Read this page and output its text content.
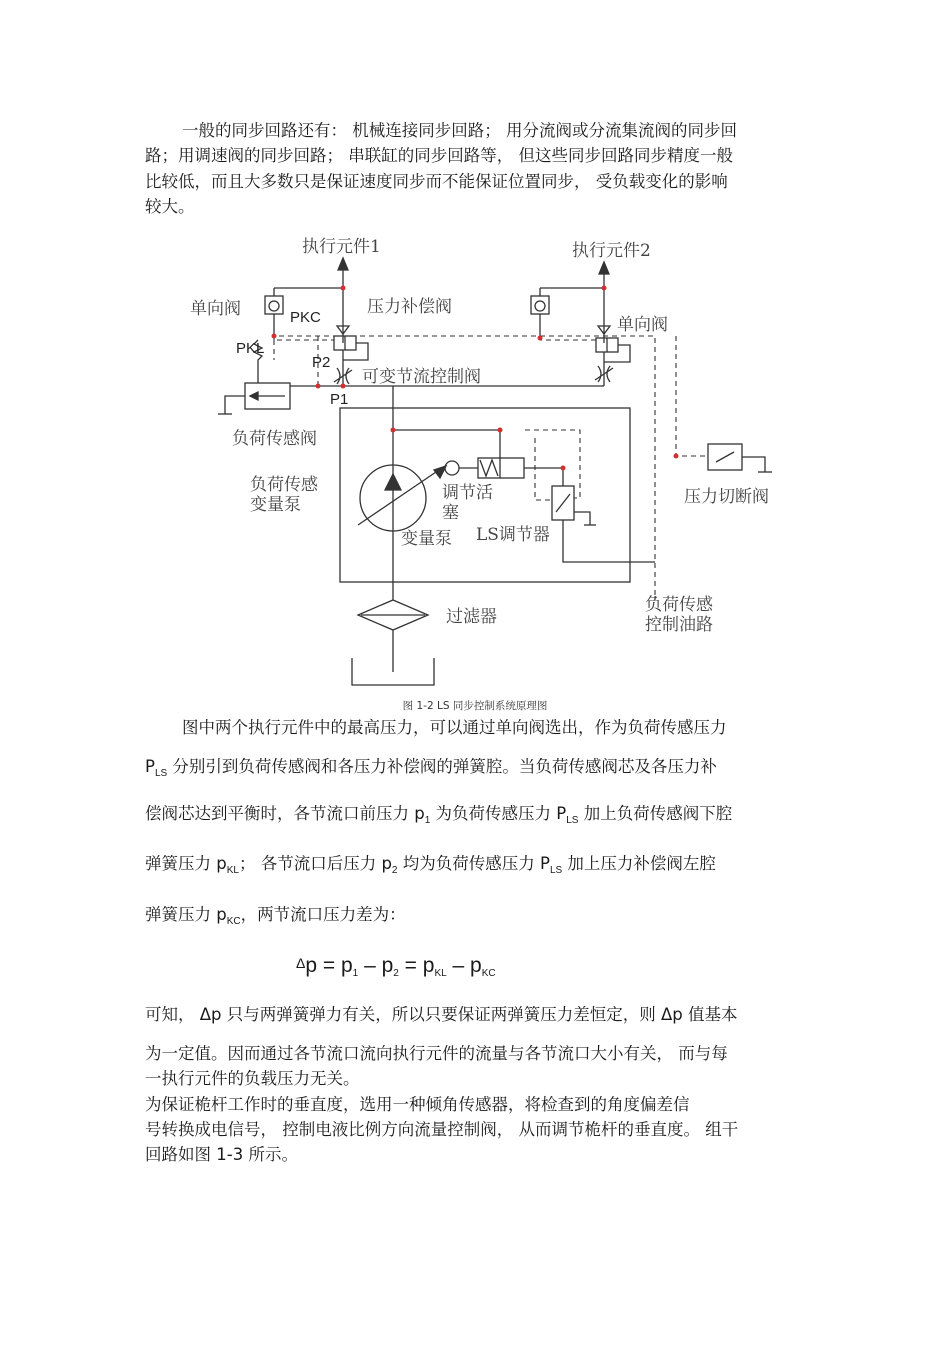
一般的同步回路还有： 机械连接同步回路； 用分流阀或分流集流阀的同步回
路；用调速阀的同步回路； 串联缸的同步回路等， 但这些同步回路同步精度一般
比较低，而且大多数只是保证速度同步而不能保证位置同步， 受负载变化的影响
较大。
执行元件1	执行元件2
单向阀	压力补偿阀
单向阀
PKC
PKL
P2
P1
可变节流控制阀
负荷传感阀
负荷传感
变量泵
调节活
塞
LS调节器
变量泵
压力切断阀
负荷传感
控制油路
过滤器
图 1-2 LS 同步控制系统原理图
图中两个执行元件中的最高压力，可以通过单向阀选出，作为负荷传感压力
$P_{LS}$ 分别引到负荷传感阀和各压力补偿阀的弹簧腔。当负荷传感阀芯及各压力补
偿阀芯达到平衡时，各节流口前压力 $p_1$ 为负荷传感压力 $P_{LS}$ 加上负荷传感阀下腔
弹簧压力 $p_{KL}$； 各节流口后压力 $p_2$ 均为负荷传感压力 $P_{LS}$ 加上压力补偿阀左腔
弹簧压力 $p_{KC}$，两节流口压力差为：
$\Delta p = p_1 - p_2 = p_{KL} - p_{KC}$
可知， Δp 只与两弹簧弹力有关，所以只要保证两弹簧压力差恒定，则 Δp 值基本
为一定值。因而通过各节流口流向执行元件的流量与各节流口大小有关， 而与每
一执行元件的负载压力无关。
为保证桅杆工作时的垂直度，选用一种倾角传感器，将检查到的角度偏差信
号转换成电信号， 控制电液比例方向流量控制阀， 从而调节桅杆的垂直度。 组干
回路如图 1-3 所示。
